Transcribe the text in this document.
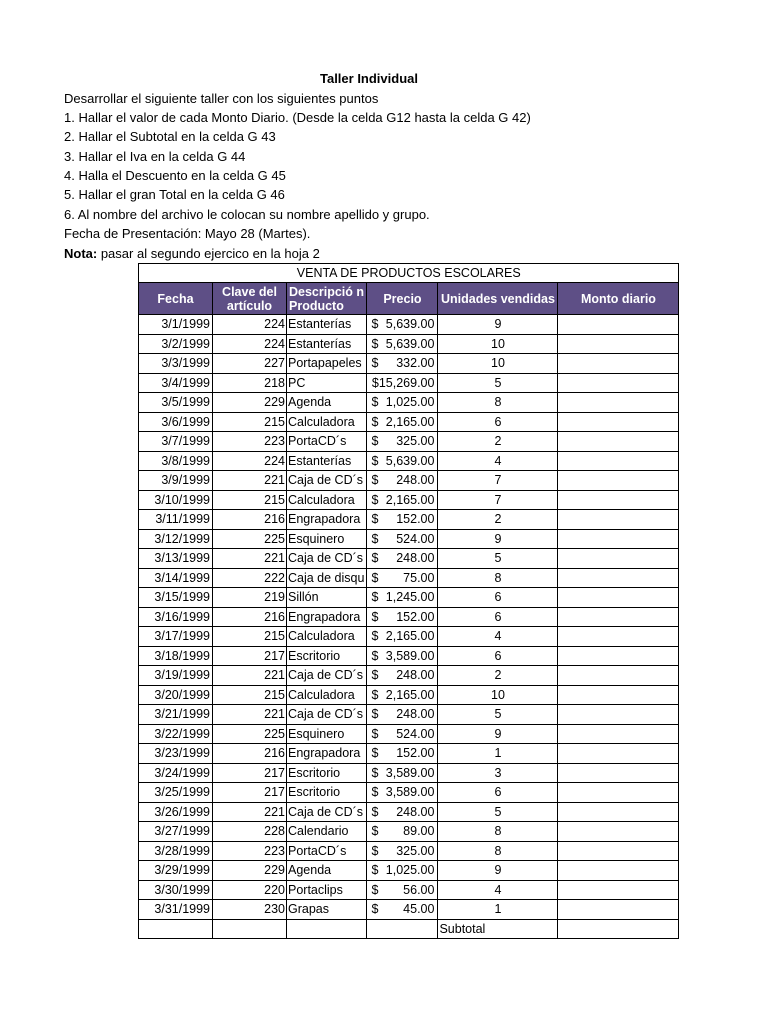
Taller Individual
Desarrollar el siguiente taller con los siguientes puntos
1. Hallar el valor de cada Monto Diario. (Desde la celda G12 hasta la celda G 42)
2. Hallar el Subtotal en la celda G 43
3. Hallar el Iva en la celda G 44
4. Halla el Descuento en la celda G 45
5. Hallar el gran Total en la celda G 46
6. Al nombre del archivo le colocan su nombre apellido y grupo.
Fecha de Presentación: Mayo 28 (Martes).
Nota: pasar al segundo ejercico en la hoja 2
VENTA DE PRODUCTOS ESCOLARES					
Fecha	Clave del artículo	Descripció n Producto	Precio	Unidades vendidas	Monto diario
3/1/1999	224	Estanterías	$ 5,639.00	9	
3/2/1999	224	Estanterías	$ 5,639.00	10	
3/3/1999	227	Portapapeles	$ 332.00	10	
3/4/1999	218	PC	$15,269.00	5	
3/5/1999	229	Agenda	$ 1,025.00	8	
3/6/1999	215	Calculadora	$ 2,165.00	6	
3/7/1999	223	PortaCD´s	$ 325.00	2	
3/8/1999	224	Estanterías	$ 5,639.00	4	
3/9/1999	221	Caja de CD´s	$ 248.00	7	
3/10/1999	215	Calculadora	$ 2,165.00	7	
3/11/1999	216	Engrapadora	$ 152.00	2	
3/12/1999	225	Esquinero	$ 524.00	9	
3/13/1999	221	Caja de CD´s	$ 248.00	5	
3/14/1999	222	Caja de disqu	$ 75.00	8	
3/15/1999	219	Sillón	$ 1,245.00	6	
3/16/1999	216	Engrapadora	$ 152.00	6	
3/17/1999	215	Calculadora	$ 2,165.00	4	
3/18/1999	217	Escritorio	$ 3,589.00	6	
3/19/1999	221	Caja de CD´s	$ 248.00	2	
3/20/1999	215	Calculadora	$ 2,165.00	10	
3/21/1999	221	Caja de CD´s	$ 248.00	5	
3/22/1999	225	Esquinero	$ 524.00	9	
3/23/1999	216	Engrapadora	$ 152.00	1	
3/24/1999	217	Escritorio	$ 3,589.00	3	
3/25/1999	217	Escritorio	$ 3,589.00	6	
3/26/1999	221	Caja de CD´s	$ 248.00	5	
3/27/1999	228	Calendario	$ 89.00	8	
3/28/1999	223	PortaCD´s	$ 325.00	8	
3/29/1999	229	Agenda	$ 1,025.00	9	
3/30/1999	220	Portaclips	$ 56.00	4	
3/31/1999	230	Grapas	$ 45.00	1	
				Subtotal	
